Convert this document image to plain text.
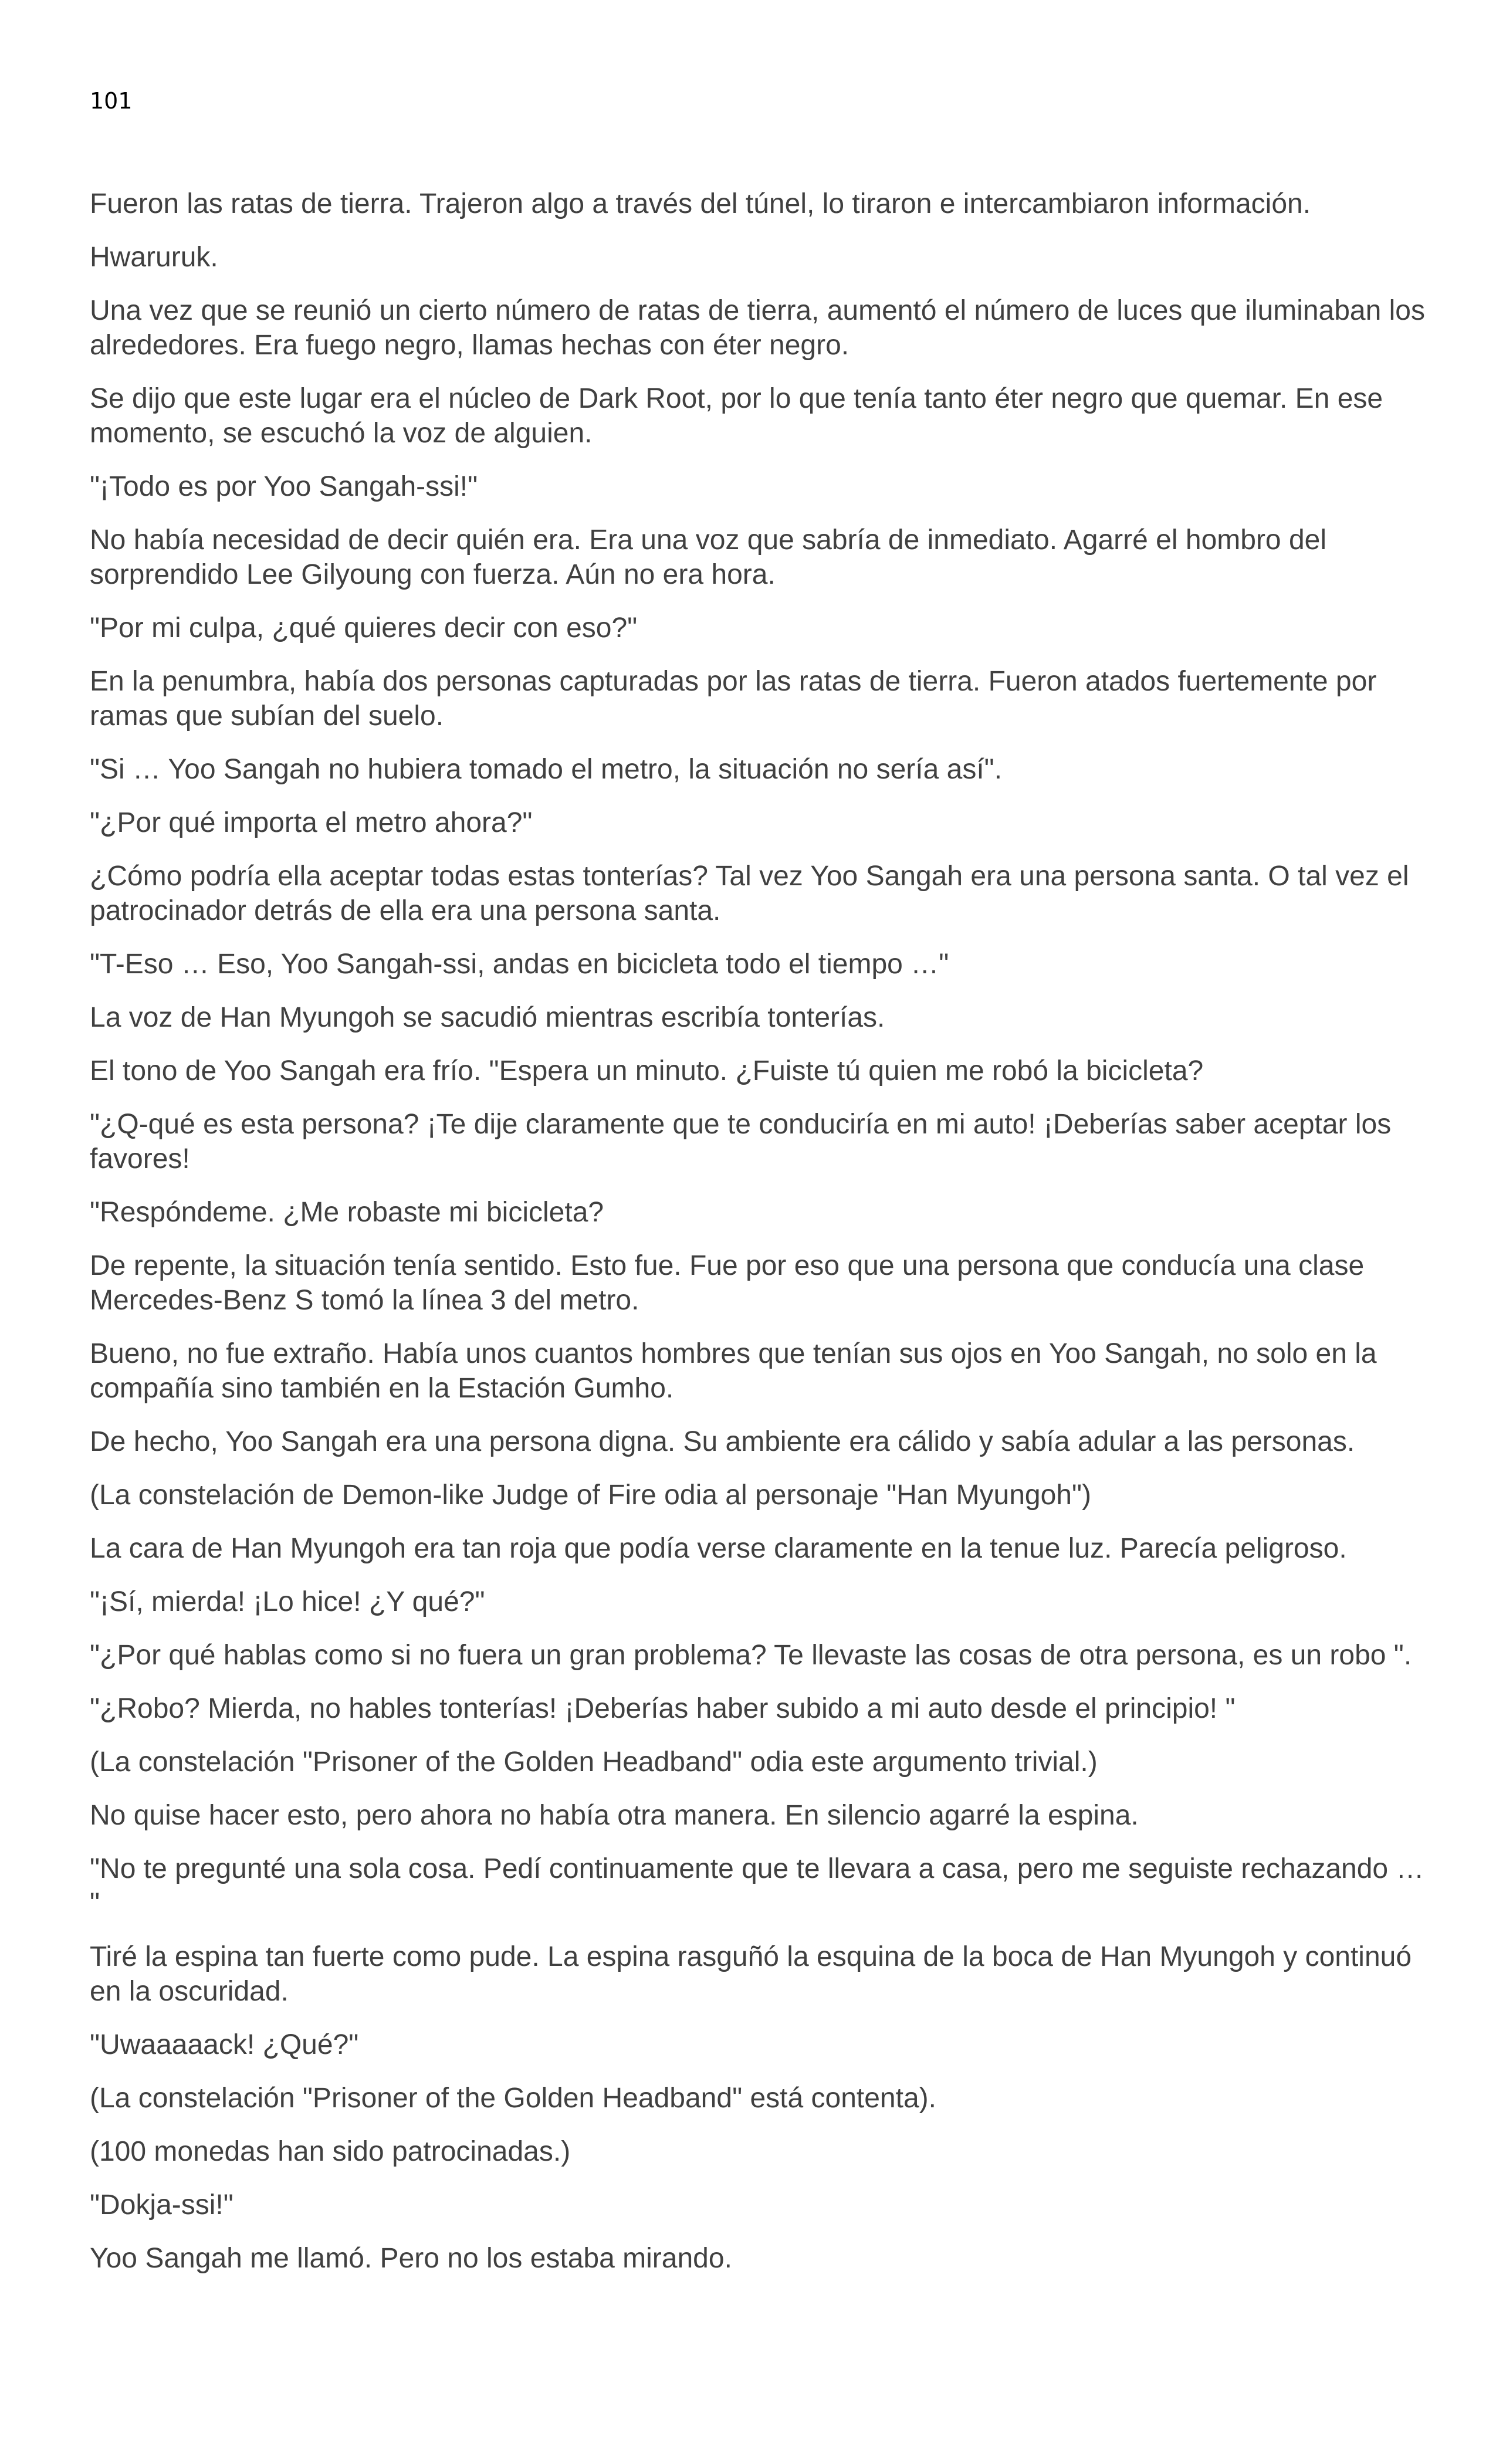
101

Fueron las ratas de tierra. Trajeron algo a través del túnel, lo tiraron e intercambiaron información.

Hwaruruk.

Una vez que se reunió un cierto número de ratas de tierra, aumentó el número de luces que iluminaban los alrededores. Era fuego negro, llamas hechas con éter negro.

Se dijo que este lugar era el núcleo de Dark Root, por lo que tenía tanto éter negro que quemar. En ese momento, se escuchó la voz de alguien.

"¡Todo es por Yoo Sangah-ssi!"

No había necesidad de decir quién era. Era una voz que sabría de inmediato. Agarré el hombro del sorprendido Lee Gilyoung con fuerza. Aún no era hora.

"Por mi culpa, ¿qué quieres decir con eso?"

En la penumbra, había dos personas capturadas por las ratas de tierra. Fueron atados fuertemente por ramas que subían del suelo.

"Si … Yoo Sangah no hubiera tomado el metro, la situación no sería así".

"¿Por qué importa el metro ahora?"

¿Cómo podría ella aceptar todas estas tonterías? Tal vez Yoo Sangah era una persona santa. O tal vez el patrocinador detrás de ella era una persona santa.

"T-Eso … Eso, Yoo Sangah-ssi, andas en bicicleta todo el tiempo …"

La voz de Han Myungoh se sacudió mientras escribía tonterías.

El tono de Yoo Sangah era frío. "Espera un minuto. ¿Fuiste tú quien me robó la bicicleta?

"¿Q-qué es esta persona? ¡Te dije claramente que te conduciría en mi auto! ¡Deberías saber aceptar los favores!

"Respóndeme. ¿Me robaste mi bicicleta?

De repente, la situación tenía sentido. Esto fue. Fue por eso que una persona que conducía una clase Mercedes-Benz S tomó la línea 3 del metro.

Bueno, no fue extraño. Había unos cuantos hombres que tenían sus ojos en Yoo Sangah, no solo en la compañía sino también en la Estación Gumho.

De hecho, Yoo Sangah era una persona digna. Su ambiente era cálido y sabía adular a las personas.

(La constelación de Demon-like Judge of Fire odia al personaje "Han Myungoh")

La cara de Han Myungoh era tan roja que podía verse claramente en la tenue luz. Parecía peligroso.

"¡Sí, mierda! ¡Lo hice! ¿Y qué?"

"¿Por qué hablas como si no fuera un gran problema? Te llevaste las cosas de otra persona, es un robo ".

"¿Robo? Mierda, no hables tonterías! ¡Deberías haber subido a mi auto desde el principio! "

(La constelación "Prisoner of the Golden Headband" odia este argumento trivial.)

No quise hacer esto, pero ahora no había otra manera. En silencio agarré la espina.

"No te pregunté una sola cosa. Pedí continuamente que te llevara a casa, pero me seguiste rechazando … "

Tiré la espina tan fuerte como pude. La espina rasguñó la esquina de la boca de Han Myungoh y continuó en la oscuridad.

"Uwaaaaack! ¿Qué?"

(La constelación "Prisoner of the Golden Headband" está contenta).

(100 monedas han sido patrocinadas.)

"Dokja-ssi!"

Yoo Sangah me llamó. Pero no los estaba mirando.
